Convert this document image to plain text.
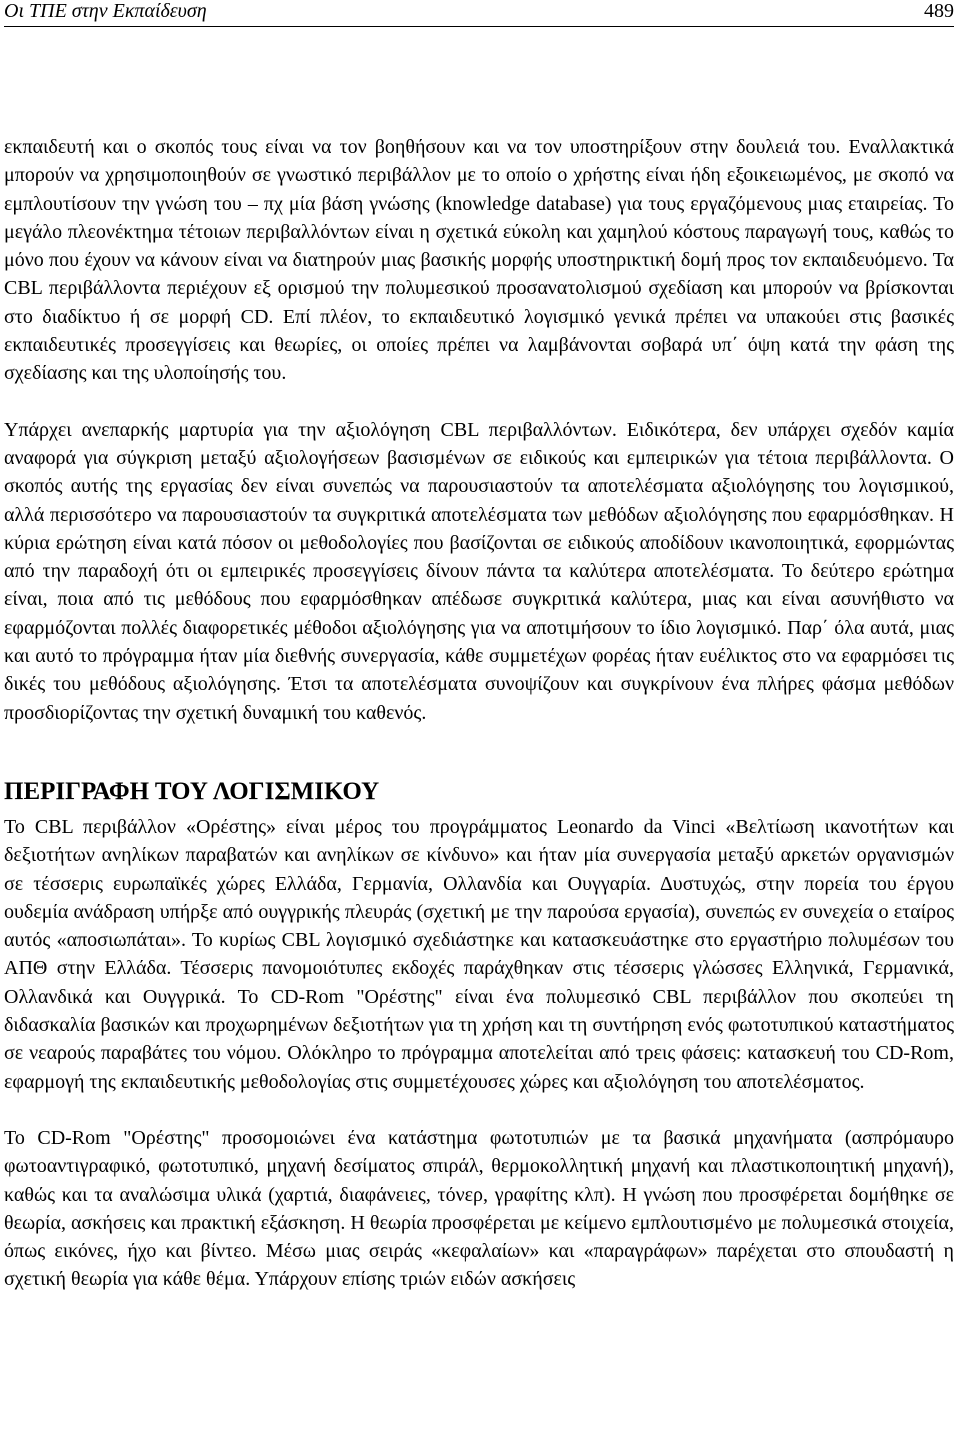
Οι ΤΠΕ στην Εκπαίδευση	489

εκπαιδευτή και ο σκοπός τους είναι να τον βοηθήσουν και να τον υποστηρίξουν στην δουλειά του. Εναλλακτικά μπορούν να χρησιμοποιηθούν σε γνωστικό περιβάλλον με το οποίο ο χρήστης είναι ήδη εξοικειωμένος, με σκοπό να εμπλουτίσουν την γνώση του – πχ μία βάση γνώσης (knowledge database) για τους εργαζόμενους μιας εταιρείας. Το μεγάλο πλεονέκτημα τέτοιων περιβαλλόντων είναι η σχετικά εύκολη και χαμηλού κόστους παραγωγή τους, καθώς το μόνο που έχουν να κάνουν είναι να διατηρούν μιας βασικής μορφής υποστηρικτική δομή προς τον εκπαιδευόμενο. Τα CBL περιβάλλοντα περιέχουν εξ ορισμού την πολυμεσικού προσανατολισμού σχεδίαση και μπορούν να βρίσκονται στο διαδίκτυο ή σε μορφή CD. Επί πλέον, το εκπαιδευτικό λογισμικό γενικά πρέπει να υπακούει στις βασικές εκπαιδευτικές προσεγγίσεις και θεωρίες, οι οποίες πρέπει να λαμβάνονται σοβαρά υπ΄ όψη κατά την φάση της σχεδίασης και της υλοποίησής του.

Υπάρχει ανεπαρκής μαρτυρία για την αξιολόγηση CBL περιβαλλόντων. Ειδικότερα, δεν υπάρχει σχεδόν καμία αναφορά για σύγκριση μεταξύ αξιολογήσεων βασισμένων σε ειδικούς και εμπειρικών για τέτοια περιβάλλοντα. Ο σκοπός αυτής της εργασίας δεν είναι συνεπώς να παρουσιαστούν τα αποτελέσματα αξιολόγησης του λογισμικού, αλλά περισσότερο να παρουσιαστούν τα συγκριτικά αποτελέσματα των μεθόδων αξιολόγησης που εφαρμόσθηκαν. Η κύρια ερώτηση είναι κατά πόσον οι μεθοδολογίες που βασίζονται σε ειδικούς αποδίδουν ικανοποιητικά, εφορμώντας από την παραδοχή ότι οι εμπειρικές προσεγγίσεις δίνουν πάντα τα καλύτερα αποτελέσματα. Το δεύτερο ερώτημα είναι, ποια από τις μεθόδους που εφαρμόσθηκαν απέδωσε συγκριτικά καλύτερα, μιας και είναι ασυνήθιστο να εφαρμόζονται πολλές διαφορετικές μέθοδοι αξιολόγησης για να αποτιμήσουν το ίδιο λογισμικό. Παρ΄ όλα αυτά, μιας και αυτό το πρόγραμμα ήταν μία διεθνής συνεργασία, κάθε συμμετέχων φορέας ήταν ευέλικτος στο να εφαρμόσει τις δικές του μεθόδους αξιολόγησης. Έτσι τα αποτελέσματα συνοψίζουν και συγκρίνουν ένα πλήρες φάσμα μεθόδων προσδιορίζοντας την σχετική δυναμική του καθενός.

ΠΕΡΙΓΡΑΦΗ ΤΟΥ ΛΟΓΙΣΜΙΚΟΥ

Το CBL περιβάλλον «Ορέστης» είναι μέρος του προγράμματος Leonardo da Vinci «Βελτίωση ικανοτήτων και δεξιοτήτων ανηλίκων παραβατών και ανηλίκων σε κίνδυνο» και ήταν μία συνεργασία μεταξύ αρκετών οργανισμών σε τέσσερις ευρωπαϊκές χώρες Ελλάδα, Γερμανία, Ολλανδία και Ουγγαρία. Δυστυχώς, στην πορεία του έργου ουδεμία ανάδραση υπήρξε από ουγγρικής πλευράς (σχετική με την παρούσα εργασία), συνεπώς εν συνεχεία ο εταίρος αυτός «αποσιωπάται». Το κυρίως CBL λογισμικό σχεδιάστηκε και κατασκευάστηκε στο εργαστήριο πολυμέσων του ΑΠΘ στην Ελλάδα. Τέσσερις πανομοιότυπες εκδοχές παράχθηκαν στις τέσσερις γλώσσες Ελληνικά, Γερμανικά, Ολλανδικά και Ουγγρικά. Το CD-Rom "Ορέστης" είναι ένα πολυμεσικό CBL περιβάλλον που σκοπεύει τη διδασκαλία βασικών και προχωρημένων δεξιοτήτων για τη χρήση και τη συντήρηση ενός φωτοτυπικού καταστήματος σε νεαρούς παραβάτες του νόμου. Ολόκληρο το πρόγραμμα αποτελείται από τρεις φάσεις: κατασκευή του CD-Rom, εφαρμογή της εκπαιδευτικής μεθοδολογίας στις συμμετέχουσες χώρες και αξιολόγηση του αποτελέσματος.

Το CD-Rom "Ορέστης" προσομοιώνει ένα κατάστημα φωτοτυπιών με τα βασικά μηχανήματα (ασπρόμαυρο φωτοαντιγραφικό, φωτοτυπικό, μηχανή δεσίματος σπιράλ, θερμοκολλητική μηχανή και πλαστικοποιητική μηχανή), καθώς και τα αναλώσιμα υλικά (χαρτιά, διαφάνειες, τόνερ, γραφίτης κλπ). Η γνώση που προσφέρεται δομήθηκε σε θεωρία, ασκήσεις και πρακτική εξάσκηση. Η θεωρία προσφέρεται με κείμενο εμπλουτισμένο με πολυμεσικά στοιχεία, όπως εικόνες, ήχο και βίντεο. Μέσω μιας σειράς «κεφαλαίων» και «παραγράφων» παρέχεται στο σπουδαστή η σχετική θεωρία για κάθε θέμα. Υπάρχουν επίσης τριών ειδών ασκήσεις
